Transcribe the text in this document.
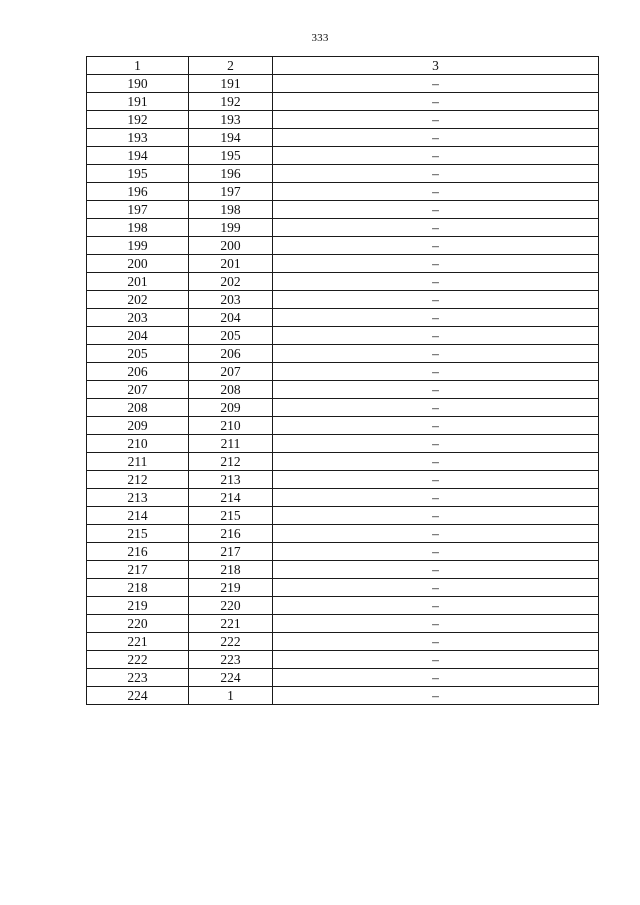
333
1	2	3
190	191	–
191	192	–
192	193	–
193	194	–
194	195	–
195	196	–
196	197	–
197	198	–
198	199	–
199	200	–
200	201	–
201	202	–
202	203	–
203	204	–
204	205	–
205	206	–
206	207	–
207	208	–
208	209	–
209	210	–
210	211	–
211	212	–
212	213	–
213	214	–
214	215	–
215	216	–
216	217	–
217	218	–
218	219	–
219	220	–
220	221	–
221	222	–
222	223	–
223	224	–
224	1	–
